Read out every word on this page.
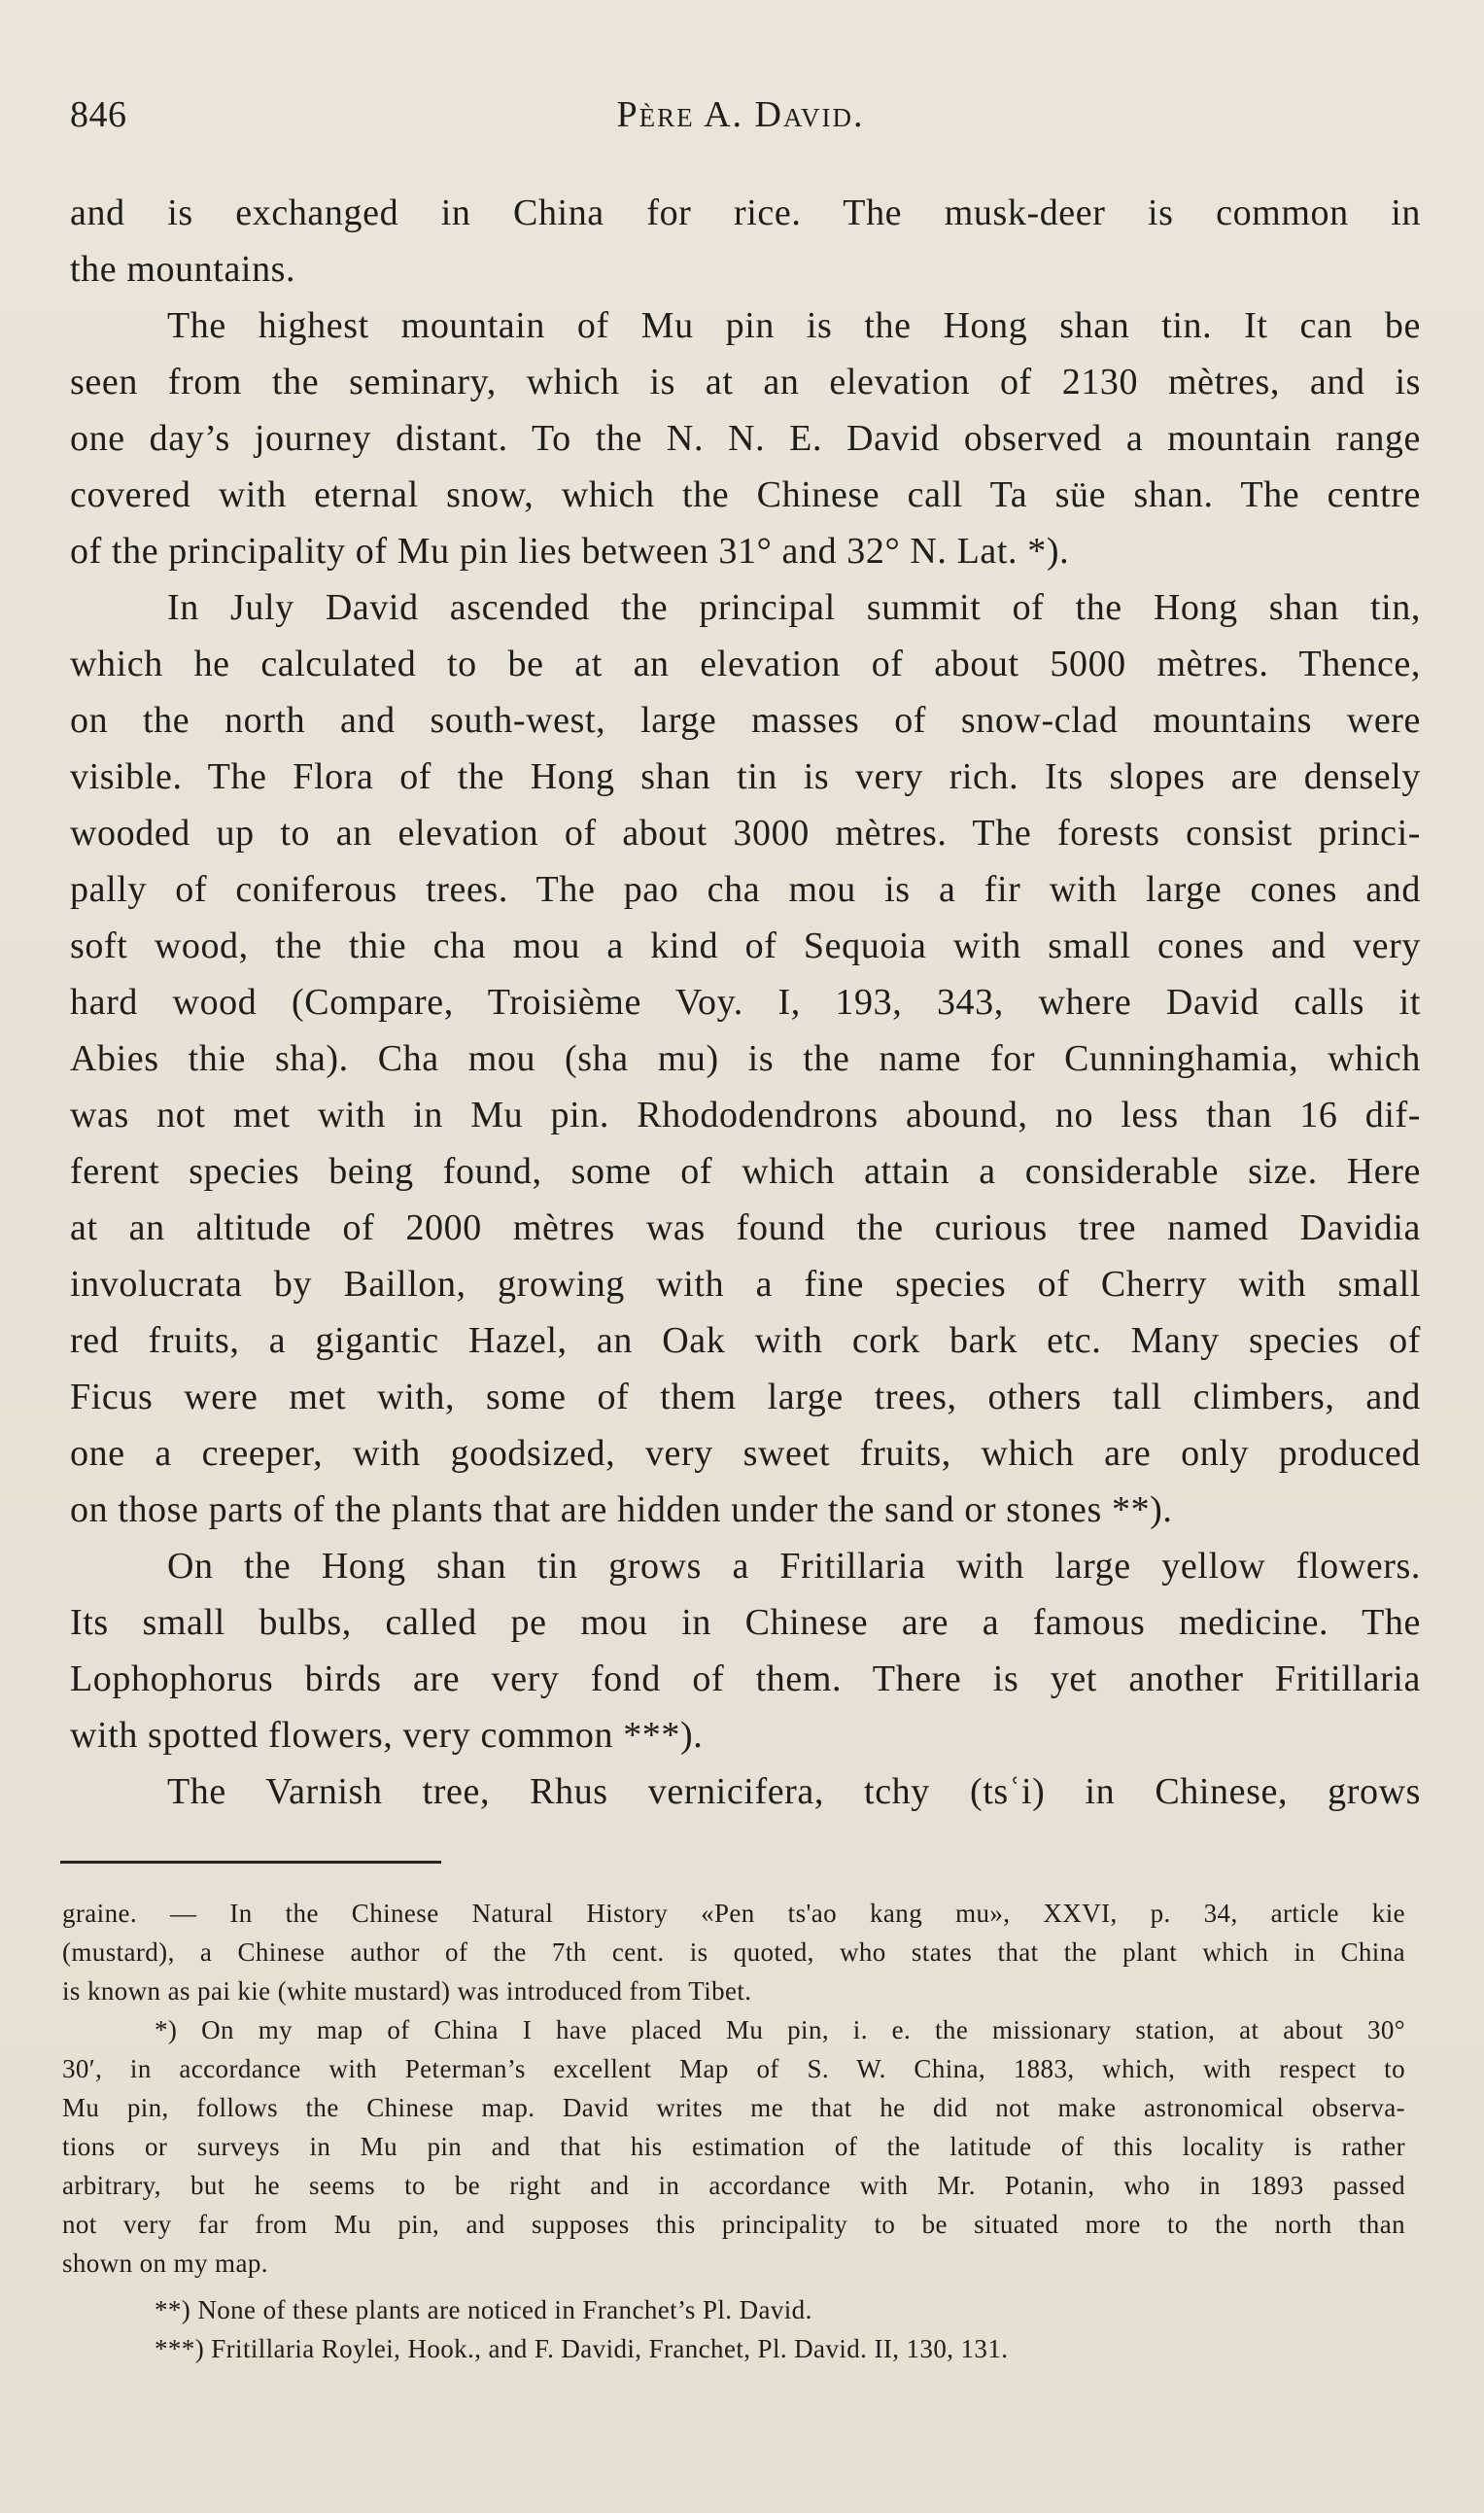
846	Père A. David.
and is exchanged in China for rice. The musk-deer is common in
the mountains.
The highest mountain of Mu pin is the Hong shan tin. It can be
seen from the seminary, which is at an elevation of 2130 mètres, and is
one day’s journey distant. To the N. N. E. David observed a mountain range
covered with eternal snow, which the Chinese call Ta süe shan. The centre
of the principality of Mu pin lies between 31° and 32° N. Lat. *).
In July David ascended the principal summit of the Hong shan tin,
which he calculated to be at an elevation of about 5000 mètres. Thence,
on the north and south-west, large masses of snow-clad mountains were
visible. The Flora of the Hong shan tin is very rich. Its slopes are densely
wooded up to an elevation of about 3000 mètres. The forests consist princi-
pally of coniferous trees. The pao cha mou is a fir with large cones and
soft wood, the thie cha mou a kind of Sequoia with small cones and very
hard wood (Compare, Troisième Voy. I, 193, 343, where David calls it
Abies thie sha). Cha mou (sha mu) is the name for Cunninghamia, which
was not met with in Mu pin. Rhododendrons abound, no less than 16 dif-
ferent species being found, some of which attain a considerable size. Here
at an altitude of 2000 mètres was found the curious tree named Davidia
involucrata by Baillon, growing with a fine species of Cherry with small
red fruits, a gigantic Hazel, an Oak with cork bark etc. Many species of
Ficus were met with, some of them large trees, others tall climbers, and
one a creeper, with goodsized, very sweet fruits, which are only produced
on those parts of the plants that are hidden under the sand or stones **).
On the Hong shan tin grows a Fritillaria with large yellow flowers.
Its small bulbs, called pe mou in Chinese are a famous medicine. The
Lophophorus birds are very fond of them. There is yet another Fritillaria
with spotted flowers, very common ***).
The Varnish tree, Rhus vernicifera, tchy (tsʿi) in Chinese, grows
graine. — In the Chinese Natural History «Pen ts'ao kang mu», XXVI, p. 34, article kie
(mustard), a Chinese author of the 7th cent. is quoted, who states that the plant which in China
is known as pai kie (white mustard) was introduced from Tibet.
*) On my map of China I have placed Mu pin, i. e. the missionary station, at about 30°
30′, in accordance with Peterman’s excellent Map of S. W. China, 1883, which, with respect to
Mu pin, follows the Chinese map. David writes me that he did not make astronomical observa-
tions or surveys in Mu pin and that his estimation of the latitude of this locality is rather
arbitrary, but he seems to be right and in accordance with Mr. Potanin, who in 1893 passed
not very far from Mu pin, and supposes this principality to be situated more to the north than
shown on my map.
**) None of these plants are noticed in Franchet’s Pl. David.
***) Fritillaria Roylei, Hook., and F. Davidi, Franchet, Pl. David. II, 130, 131.
